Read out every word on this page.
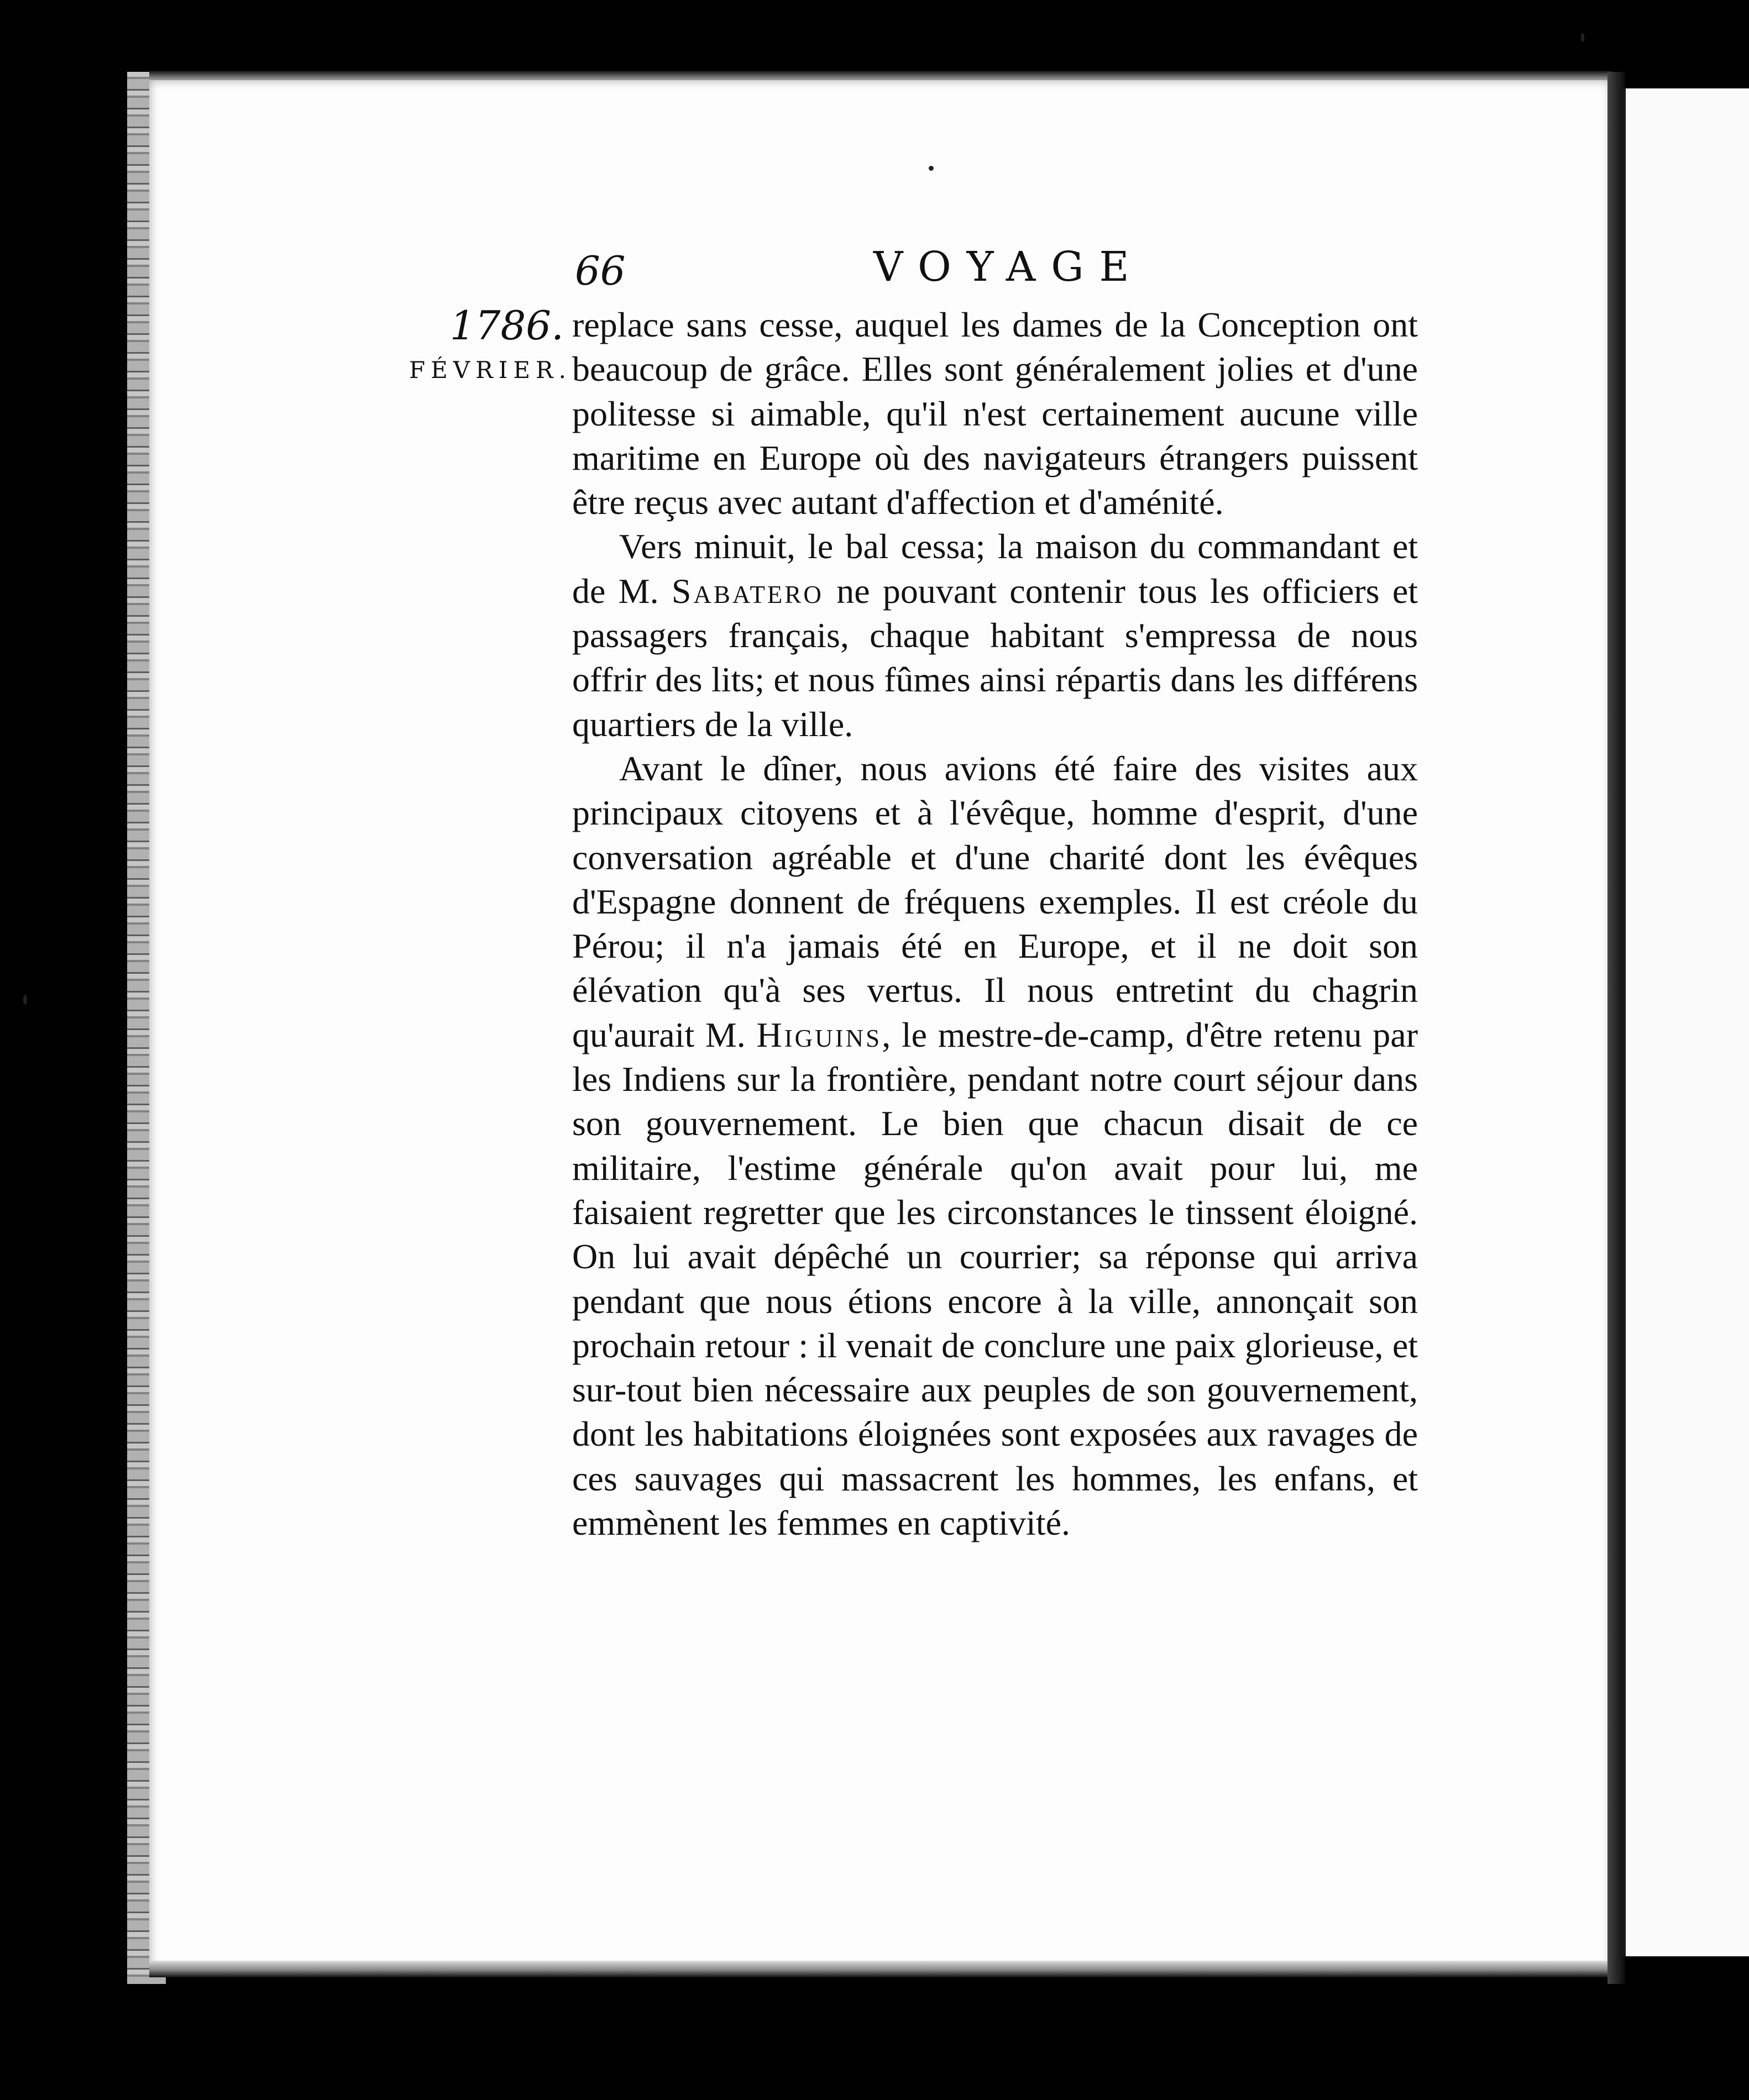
66	VOYAGE
1786.
FÉVRIER.

replace sans cesse, auquel les dames de la Conception ont beaucoup de grâce. Elles sont généralement jolies et d'une politesse si aimable, qu'il n'est certainement aucune ville maritime en Europe où des navigateurs étrangers puissent être reçus avec autant d'affection et d'aménité.

Vers minuit, le bal cessa; la maison du commandant et de M. Sabatero ne pouvant contenir tous les officiers et passagers français, chaque habitant s'empressa de nous offrir des lits; et nous fûmes ainsi répartis dans les différens quartiers de la ville.

Avant le dîner, nous avions été faire des visites aux principaux citoyens et à l'évêque, homme d'esprit, d'une conversation agréable et d'une charité dont les évêques d'Espagne donnent de fréquens exemples. Il est créole du Pérou; il n'a jamais été en Europe, et il ne doit son élévation qu'à ses vertus. Il nous entretint du chagrin qu'aurait M. Higuins, le mestre-de-camp, d'être retenu par les Indiens sur la frontière, pendant notre court séjour dans son gouvernement. Le bien que chacun disait de ce militaire, l'estime générale qu'on avait pour lui, me faisaient regretter que les circonstances le tinssent éloigné. On lui avait dépêché un courrier; sa réponse qui arriva pendant que nous étions encore à la ville, annonçait son prochain retour : il venait de conclure une paix glorieuse, et sur-tout bien nécessaire aux peuples de son gouvernement, dont les habitations éloignées sont exposées aux ravages de ces sauvages qui massacrent les hommes, les enfans, et emmènent les femmes en captivité.
